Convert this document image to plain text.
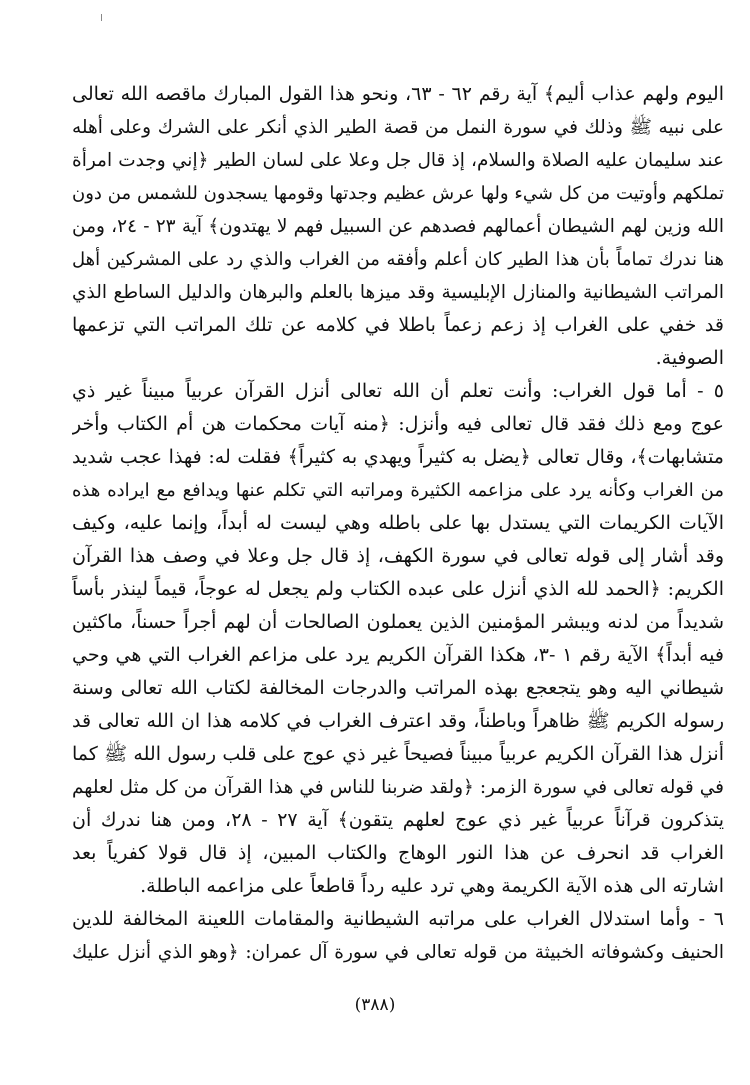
اليوم ولهم عذاب أليم﴾ آية رقم ٦٢ - ٦٣، ونحو هذا القول المبارك ماقصه الله تعالى
على نبيه ﷺ وذلك في سورة النمل من قصة الطير الذي أنكر على الشرك وعلى أهله
عند سليمان عليه الصلاة والسلام، إذ قال جل وعلا على لسان الطير ﴿إني وجدت امرأة
تملكهم وأوتيت من كل شيء ولها عرش عظيم وجدتها وقومها يسجدون للشمس من دون
الله وزين لهم الشيطان أعمالهم فصدهم عن السبيل فهم لا يهتدون﴾ آية ٢٣ - ٢٤، ومن
هنا ندرك تماماً بأن هذا الطير كان أعلم وأفقه من الغراب والذي رد على المشركين أهل
المراتب الشيطانية والمنازل الإبليسية وقد ميزها بالعلم والبرهان والدليل الساطع الذي
قد خفي على الغراب إذ زعم زعماً باطلا في كلامه عن تلك المراتب التي تزعمها
الصوفية.
٥ - أما قول الغراب: وأنت تعلم أن الله تعالى أنزل القرآن عربياً مبيناً غير ذي
عوج ومع ذلك فقد قال تعالى فيه وأنزل: ﴿منه آيات محكمات هن أم الكتاب وأخر
متشابهات﴾، وقال تعالى ﴿يضل به كثيراً ويهدي به كثيراً﴾ فقلت له: فهذا عجب شديد
من الغراب وكأنه يرد على مزاعمه الكثيرة ومراتبه التي تكلم عنها ويدافع مع ايراده هذه
الآيات الكريمات التي يستدل بها على باطله وهي ليست له أبداً، وإنما عليه، وكيف
وقد أشار إلى قوله تعالى في سورة الكهف، إذ قال جل وعلا في وصف هذا القرآن
الكريم: ﴿الحمد لله الذي أنزل على عبده الكتاب ولم يجعل له عوجاً، قيماً لينذر بأساً
شديداً من لدنه ويبشر المؤمنين الذين يعملون الصالحات أن لهم أجراً حسناً، ماكثين
فيه أبداً﴾ الآية رقم ١ -٣، هكذا القرآن الكريم يرد على مزاعم الغراب التي هي وحي
شيطاني اليه وهو يتجعجع بهذه المراتب والدرجات المخالفة لكتاب الله تعالى وسنة
رسوله الكريم ﷺ ظاهراً وباطناً، وقد اعترف الغراب في كلامه هذا ان الله تعالى قد
أنزل هذا القرآن الكريم عربياً مبيناً فصيحاً غير ذي عوج على قلب رسول الله ﷺ كما
في قوله تعالى في سورة الزمر: ﴿ولقد ضربنا للناس في هذا القرآن من كل مثل لعلهم
يتذكرون قرآناً عربياً غير ذي عوج لعلهم يتقون﴾ آية ٢٧ - ٢٨، ومن هنا ندرك أن
الغراب قد انحرف عن هذا النور الوهاج والكتاب المبين، إذ قال قولا كفرياً بعد
اشارته الى هذه الآية الكريمة وهي ترد عليه رداً قاطعاً على مزاعمه الباطلة.
٦ - وأما استدلال الغراب على مراتبه الشيطانية والمقامات اللعينة المخالفة للدين
الحنيف وكشوفاته الخبيثة من قوله تعالى في سورة آل عمران: ﴿وهو الذي أنزل عليك
(٣٨٨)
